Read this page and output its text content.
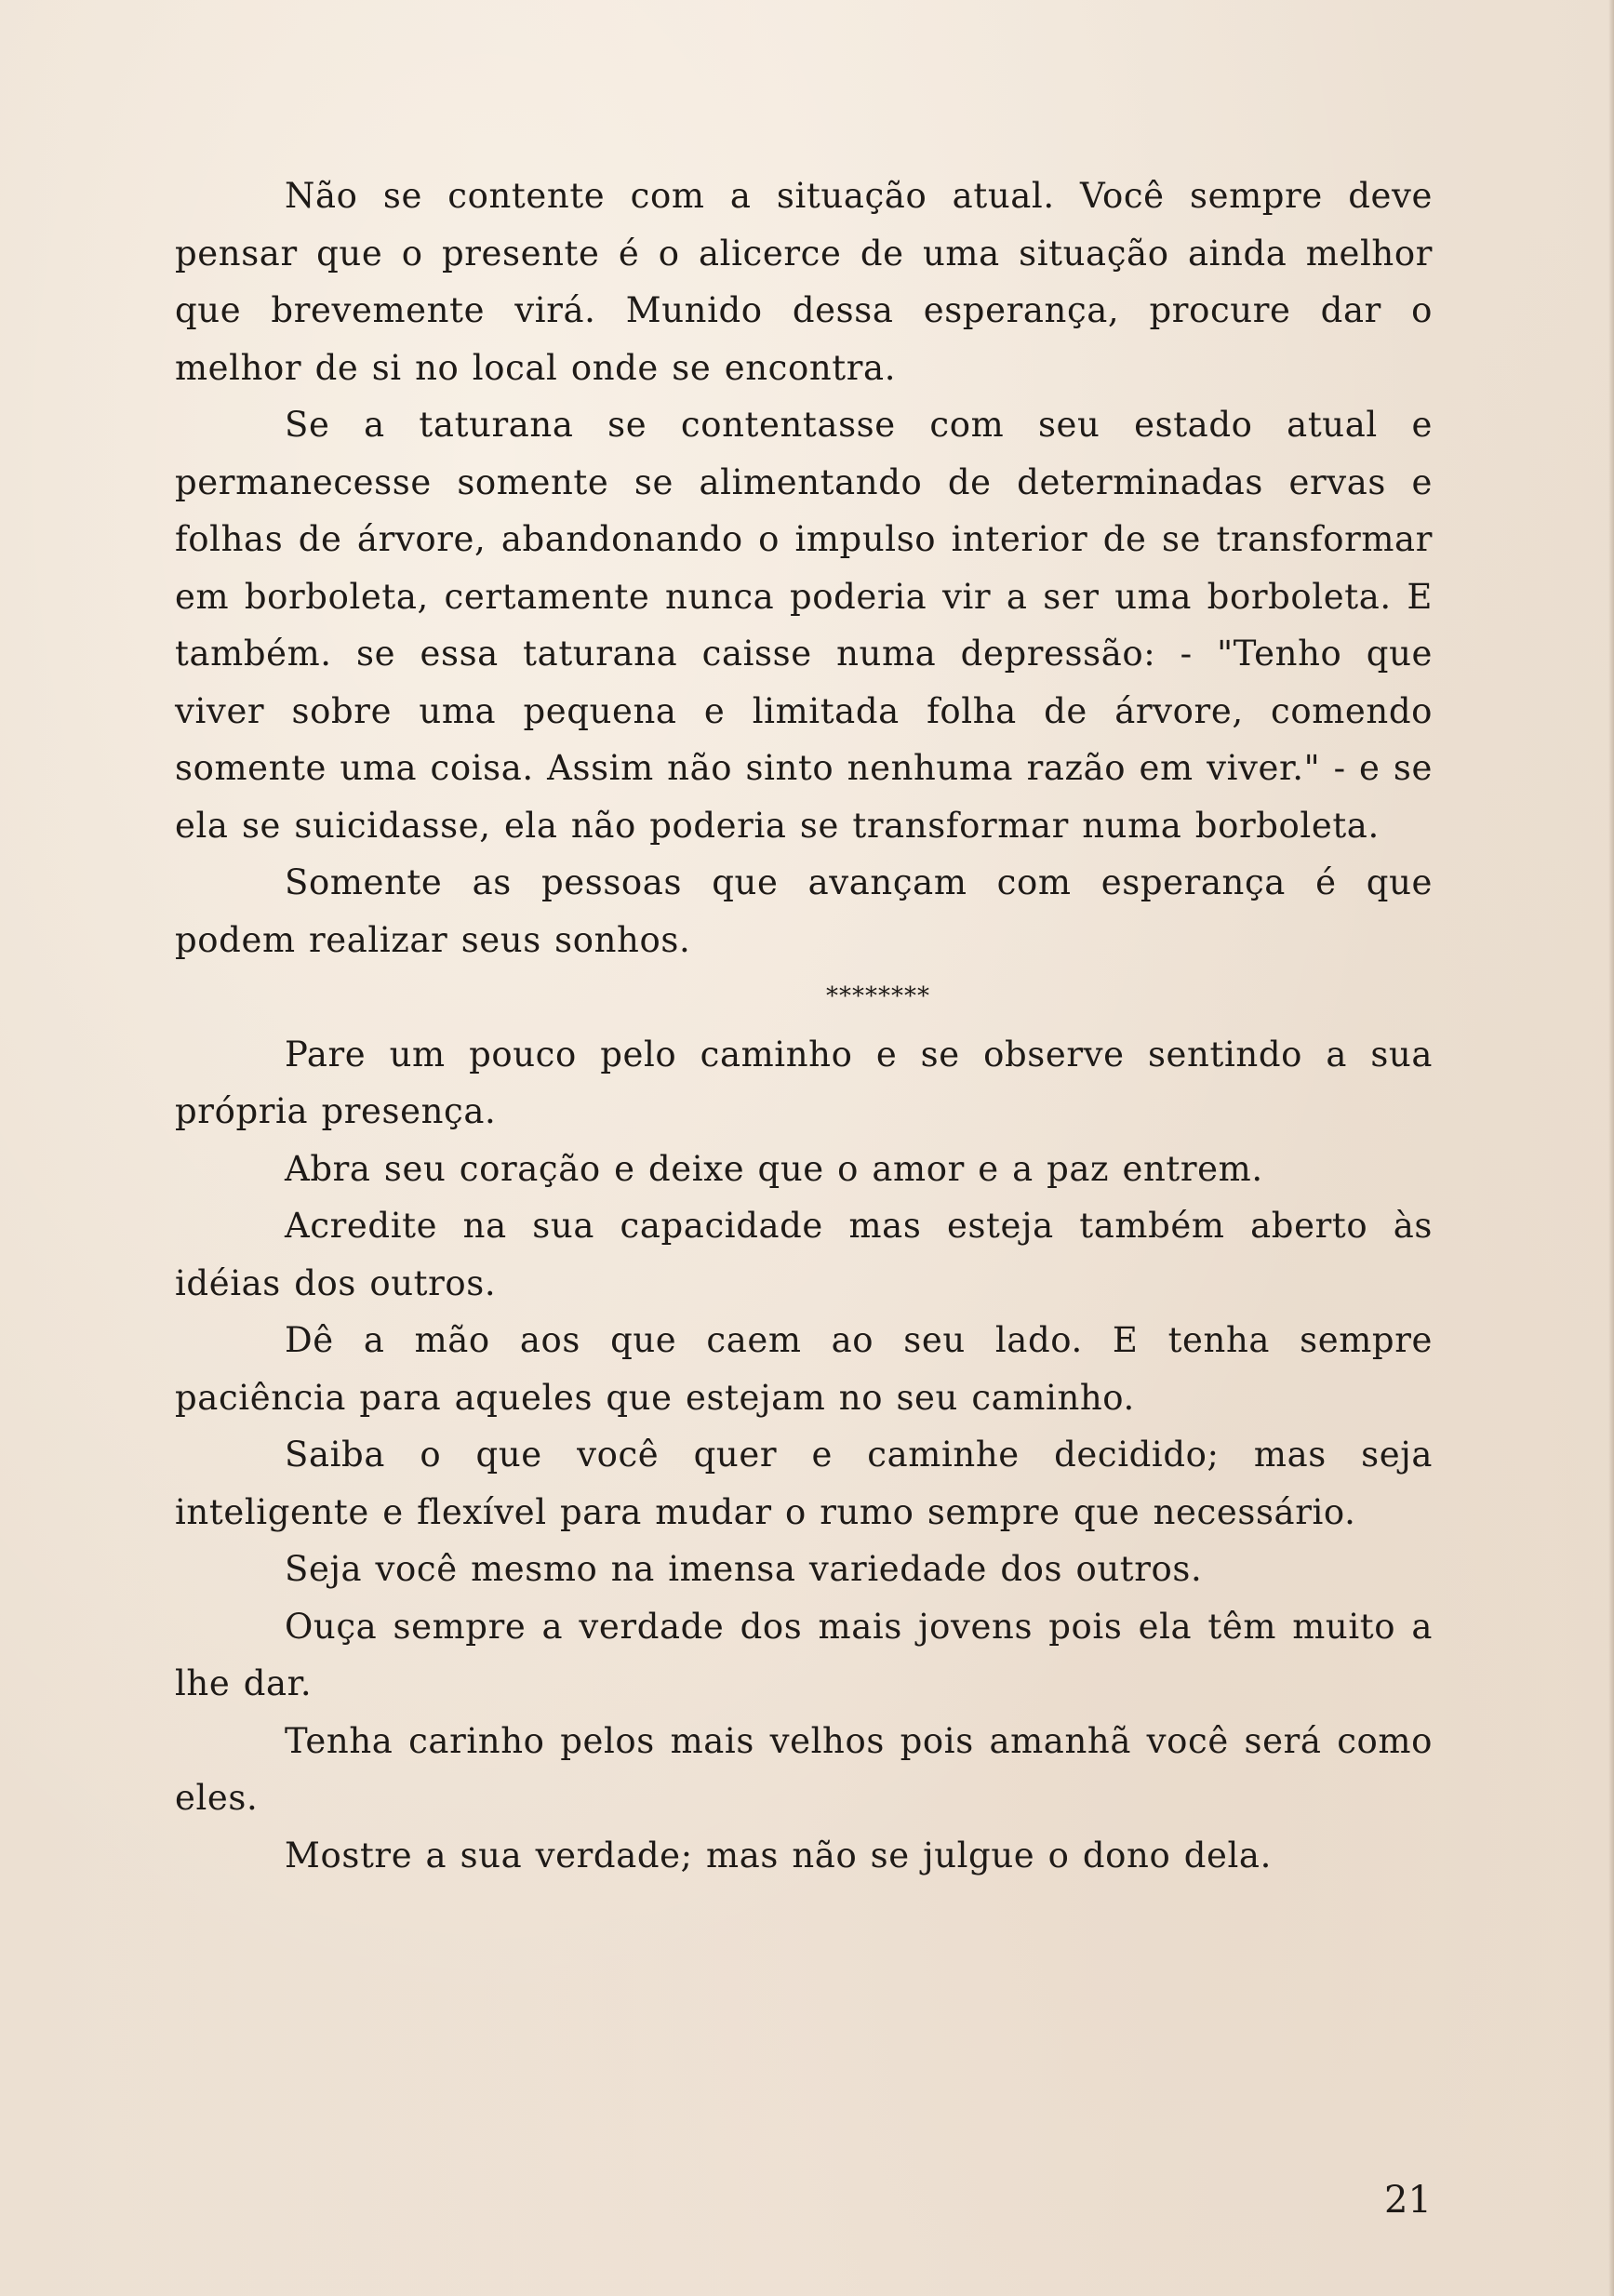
Não se contente com a situação atual. Você sempre deve pensar que o presente é o alicerce de uma situação ainda melhor que brevemente virá. Munido dessa esperança, procure dar o melhor de si no local onde se encontra.

Se a taturana se contentasse com seu estado atual e permanecesse somente se alimentando de determinadas ervas e folhas de árvore, abandonando o impulso interior de se transformar em borboleta, certamente nunca poderia vir a ser uma borboleta. E também. se essa taturana caisse numa depressão: - "Tenho que viver sobre uma pequena e limitada folha de árvore, comendo somente uma coisa. Assim não sinto nenhuma razão em viver." - e se ela se suicidasse, ela não poderia se transformar numa borboleta.

Somente as pessoas que avançam com esperança é que podem realizar seus sonhos.

********

Pare um pouco pelo caminho e se observe sentindo a sua própria presença.

Abra seu coração e deixe que o amor e a paz entrem.

Acredite na sua capacidade mas esteja também aberto às idéias dos outros.

Dê a mão aos que caem ao seu lado. E tenha sempre paciência para aqueles que estejam no seu caminho.

Saiba o que você quer e caminhe decidido; mas seja inteligente e flexível para mudar o rumo sempre que necessário.

Seja você mesmo na imensa variedade dos outros.

Ouça sempre a verdade dos mais jovens pois ela têm muito a lhe dar.

Tenha carinho pelos mais velhos pois amanhã você será como eles.

Mostre a sua verdade; mas não se julgue o dono dela.

21
